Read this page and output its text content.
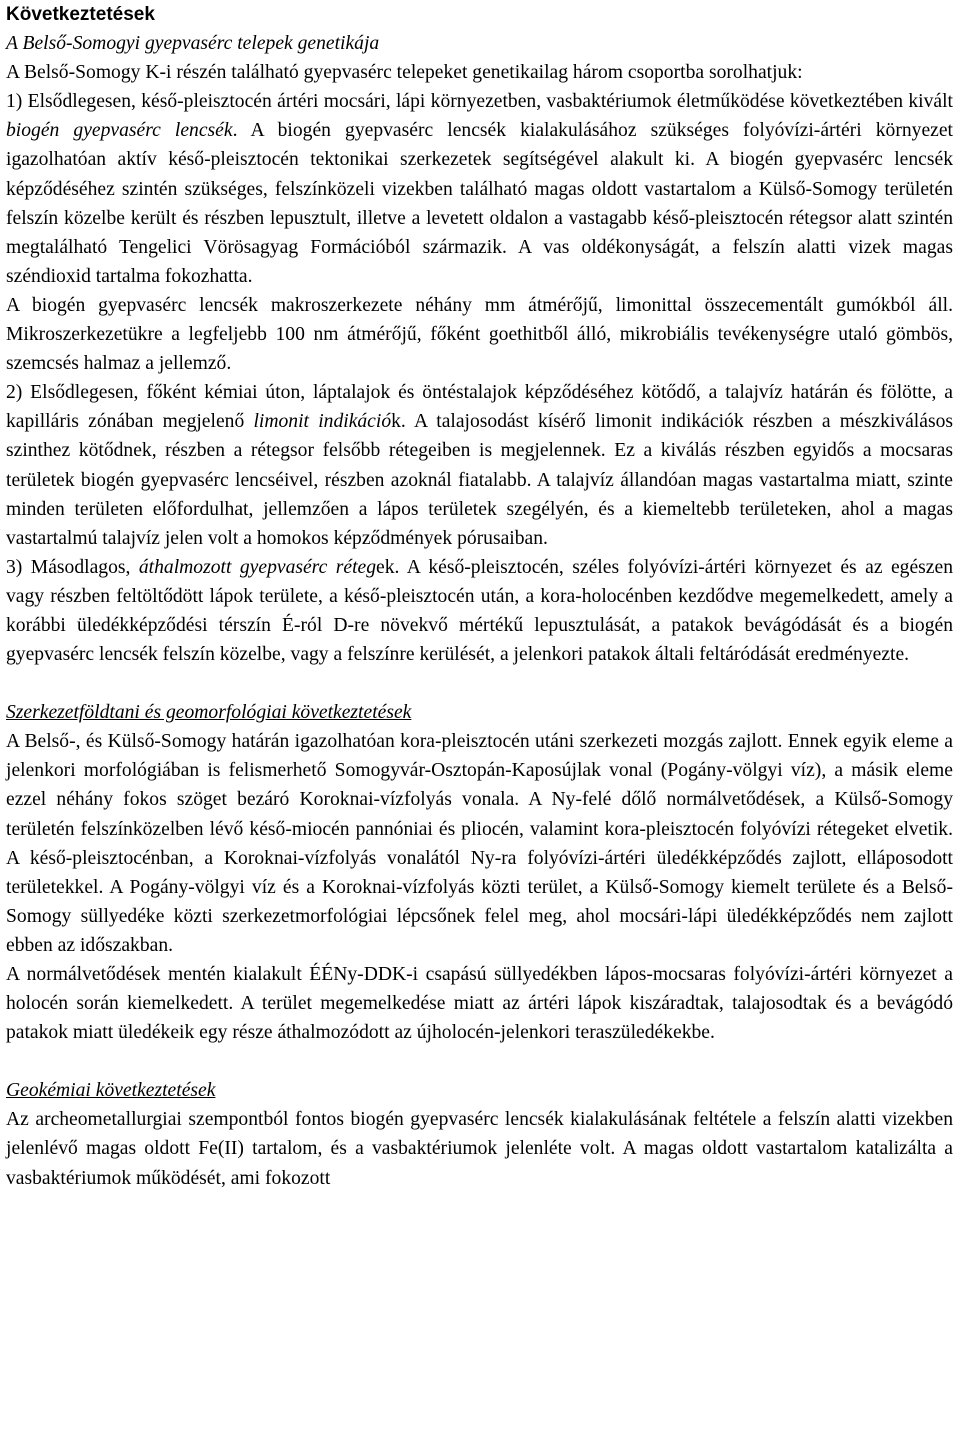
Következtetések

A Belső-Somogyi gyepvasérc telepek genetikája

A Belső-Somogy K-i részén található gyepvasérc telepeket genetikailag három csoportba sorolhatjuk:

1) Elsődlegesen, késő-pleisztocén ártéri mocsári, lápi környezetben, vasbaktériumok életműködése következtében kivált biogén gyepvasérc lencsék. A biogén gyepvasérc lencsék kialakulásához szükséges folyóvízi-ártéri környezet igazolhatóan aktív késő-pleisztocén tektonikai szerkezetek segítségével alakult ki. A biogén gyepvasérc lencsék képződéséhez szintén szükséges, felszínközeli vizekben található magas oldott vastartalom a Külső-Somogy területén felszín közelbe került és részben lepusztult, illetve a levetett oldalon a vastagabb késő-pleisztocén rétegsor alatt szintén megtalálható Tengelici Vörösagyag Formációból származik. A vas oldékonyságát, a felszín alatti vizek magas széndioxid tartalma fokozhatta.

A biogén gyepvasérc lencsék makroszerkezete néhány mm átmérőjű, limonittal összecementált gumókból áll. Mikroszerkezetükre a legfeljebb 100 nm átmérőjű, főként goethitből álló, mikrobiális tevékenységre utaló gömbös, szemcsés halmaz a jellemző.

2) Elsődlegesen, főként kémiai úton, láptalajok és öntéstalajok képződéséhez kötődő, a talajvíz határán és fölötte, a kapilláris zónában megjelenő limonit indikációk. A talajosodást kísérő limonit indikációk részben a mészkiválásos szinthez kötődnek, részben a rétegsor felsőbb rétegeiben is megjelennek. Ez a kiválás részben egyidős a mocsaras területek biogén gyepvasérc lencséivel, részben azoknál fiatalabb. A talajvíz állandóan magas vastartalma miatt, szinte minden területen előfordulhat, jellemzően a lápos területek szegélyén, és a kiemeltebb területeken, ahol a magas vastartalmú talajvíz jelen volt a homokos képződmények pórusaiban.

3) Másodlagos, áthalmozott gyepvasérc rétegek. A késő-pleisztocén, széles folyóvízi-ártéri környezet és az egészen vagy részben feltöltődött lápok területe, a késő-pleisztocén után, a kora-holocénben kezdődve megemelkedett, amely a korábbi üledékképződési térszín É-ról D-re növekvő mértékű lepusztulását, a patakok bevágódását és a biogén gyepvasérc lencsék felszín közelbe, vagy a felszínre kerülését, a jelenkori patakok általi feltáródását eredményezte.

Szerkezetföldtani és geomorfológiai következtetések

A Belső-, és Külső-Somogy határán igazolhatóan kora-pleisztocén utáni szerkezeti mozgás zajlott. Ennek egyik eleme a jelenkori morfológiában is felismerhető Somogyvár-Osztopán-Kaposújlak vonal (Pogány-völgyi víz), a másik eleme ezzel néhány fokos szöget bezáró Koroknai-vízfolyás vonala. A Ny-felé dőlő normálvetődések, a Külső-Somogy területén felszínközelben lévő késő-miocén pannóniai és pliocén, valamint kora-pleisztocén folyóvízi rétegeket elvetik. A késő-pleisztocénban, a Koroknai-vízfolyás vonalától Ny-ra folyóvízi-ártéri üledékképződés zajlott, elláposodott területekkel. A Pogány-völgyi víz és a Koroknai-vízfolyás közti terület, a Külső-Somogy kiemelt területe és a Belső-Somogy süllyedéke közti szerkezetmorfológiai lépcsőnek felel meg, ahol mocsári-lápi üledékképződés nem zajlott ebben az időszakban.

A normálvetődések mentén kialakult ÉÉNy-DDK-i csapású süllyedékben lápos-mocsaras folyóvízi-ártéri környezet a holocén során kiemelkedett. A terület megemelkedése miatt az ártéri lápok kiszáradtak, talajosodtak és a bevágódó patakok miatt üledékeik egy része áthalmozódott az újholocén-jelenkori teraszüledékekbe.

Geokémiai következtetések

Az archeometallurgiai szempontból fontos biogén gyepvasérc lencsék kialakulásának feltétele a felszín alatti vizekben jelenlévő magas oldott Fe(II) tartalom, és a vasbaktériumok jelenléte volt. A magas oldott vastartalom katalizálta a vasbaktériumok működését, ami fokozott
